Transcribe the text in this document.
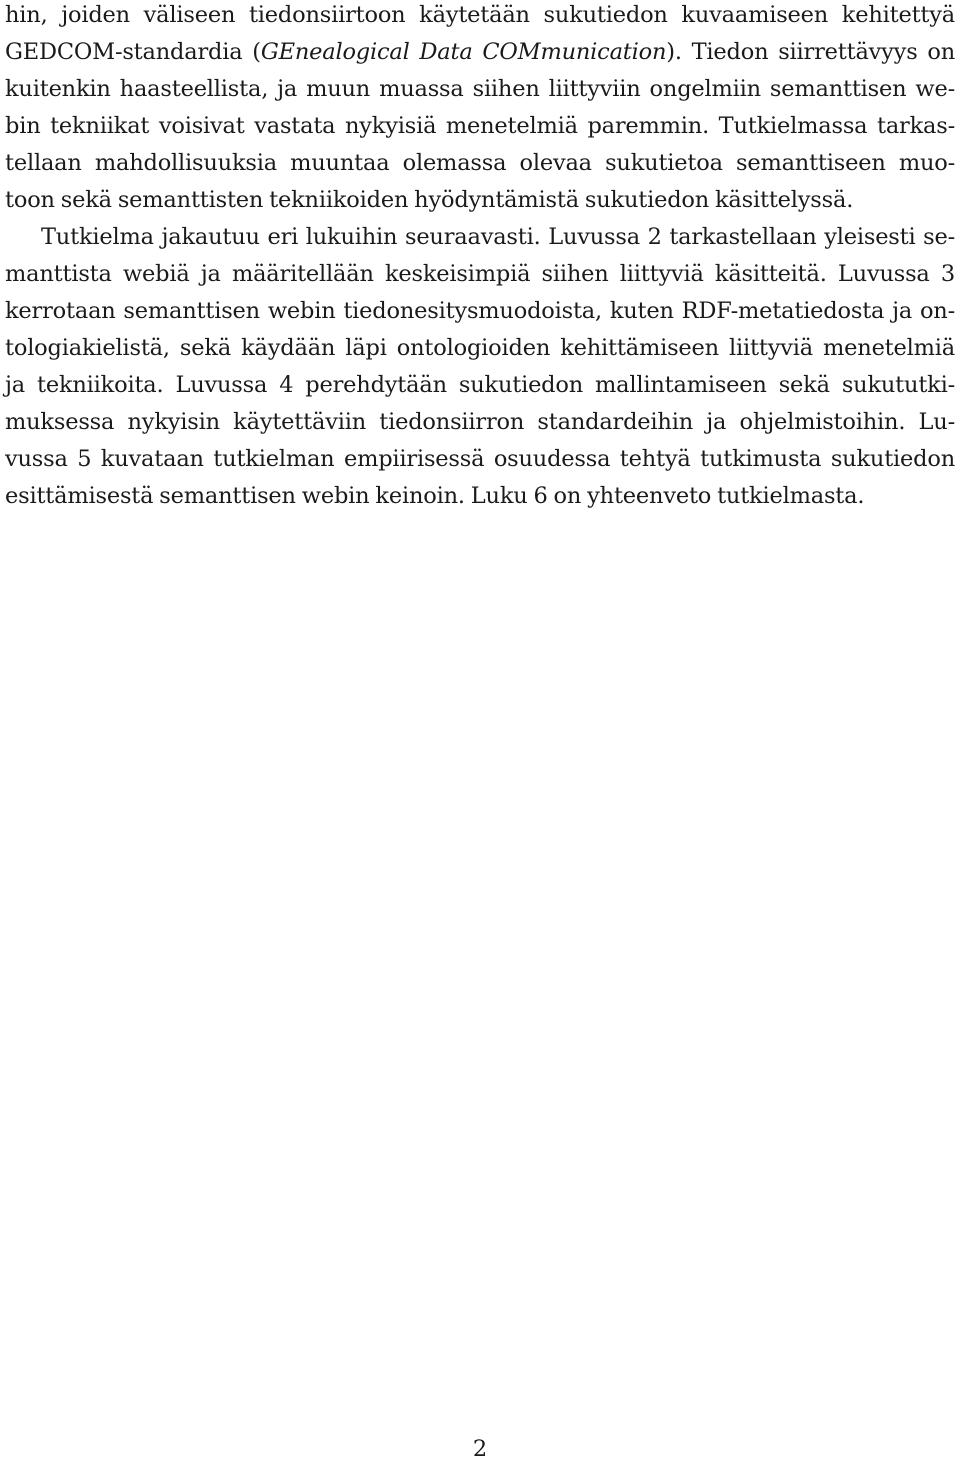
hin, joiden väliseen tiedonsiirtoon käytetään sukutiedon kuvaamiseen kehitettyä
GEDCOM-standardia (GEnealogical Data COMmunication). Tiedon siirrettävyys on
kuitenkin haasteellista, ja muun muassa siihen liittyviin ongelmiin semanttisen we-
bin tekniikat voisivat vastata nykyisiä menetelmiä paremmin. Tutkielmassa tarkas-
tellaan mahdollisuuksia muuntaa olemassa olevaa sukutietoa semanttiseen muo-
toon sekä semanttisten tekniikoiden hyödyntämistä sukutiedon käsittelyssä.
Tutkielma jakautuu eri lukuihin seuraavasti. Luvussa 2 tarkastellaan yleisesti se-
manttista webiä ja määritellään keskeisimpiä siihen liittyviä käsitteitä. Luvussa 3
kerrotaan semanttisen webin tiedonesitysmuodoista, kuten RDF-metatiedosta ja on-
tologiakielistä, sekä käydään läpi ontologioiden kehittämiseen liittyviä menetelmiä
ja tekniikoita. Luvussa 4 perehdytään sukutiedon mallintamiseen sekä sukututki-
muksessa nykyisin käytettäviin tiedonsiirron standardeihin ja ohjelmistoihin. Lu-
vussa 5 kuvataan tutkielman empiirisessä osuudessa tehtyä tutkimusta sukutiedon
esittämisestä semanttisen webin keinoin. Luku 6 on yhteenveto tutkielmasta.
2
